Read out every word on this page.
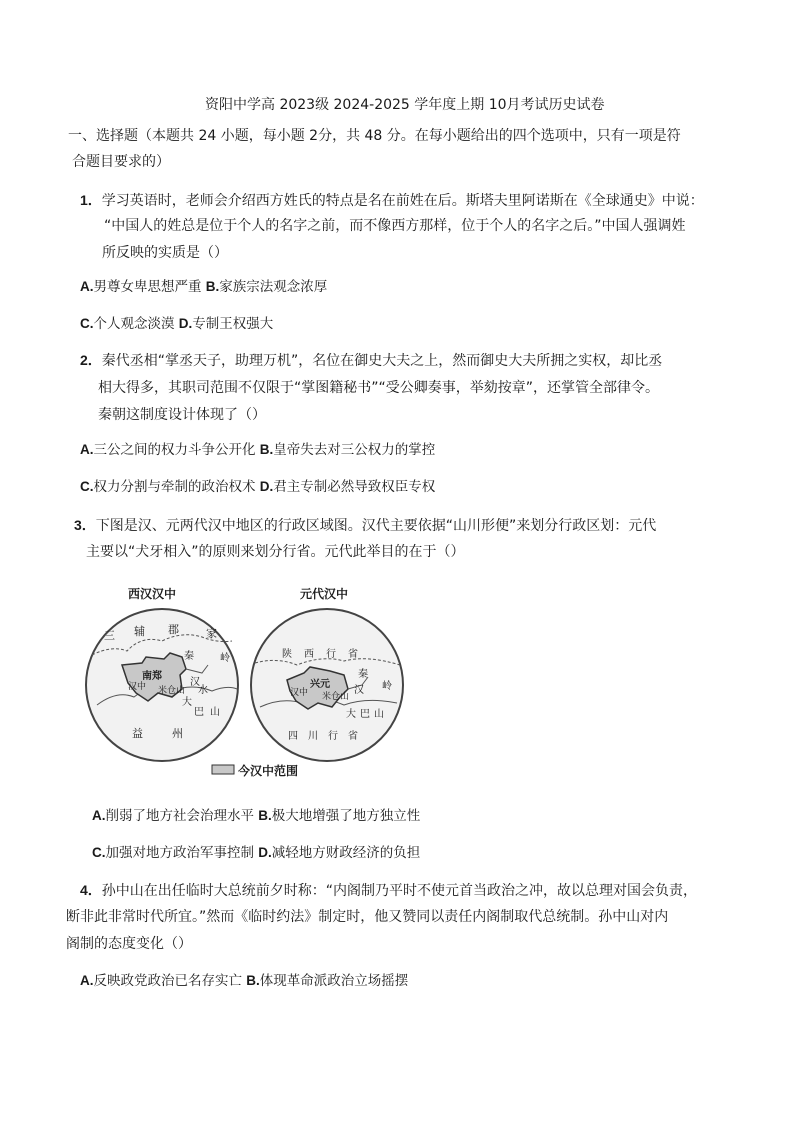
资阳中学高 2023级 2024-2025 学年度上期 10月考试历史试卷
一、选择题（本题共 24 小题，每小题 2分，共 48 分。在每小题给出的四个选项中，只有一项是符
合题目要求的）
1．学习英语时，老师会介绍西方姓氏的特点是名在前姓在后。斯塔夫里阿诺斯在《全球通史》中说：
“中国人的姓总是位于个人的名字之前，而不像西方那样，位于个人的名字之后。”中国人强调姓
所反映的实质是（）
A.男尊女卑思想严重 B.家族宗法观念浓厚
C.个人观念淡漠 D.专制王权强大
2．秦代丞相“掌丞天子，助理万机”，名位在御史大夫之上，然而御史大夫所拥之实权，却比丞
相大得多，其职司范围不仅限于“掌图籍秘书”“受公卿奏事，举劾按章”，还掌管全部律令。
秦朝这制度设计体现了（）
A.三公之间的权力斗争公开化 B.皇帝失去对三公权力的掌控
C.权力分割与牵制的政治权术 D.君主专制必然导致权臣专权
3．下图是汉、元两代汉中地区的行政区域图。汉代主要依据“山川形便”来划分行政区划：元代
主要以“犬牙相入”的原则来划分行省。元代此举目的在于（）
西汉汉中	元代汉中
三 辅 郡 家
南郑
汉中 米仓山
大
巴 山
益	州
汉
水
秦	岭	陕 西 行 省
秦
岭
兴元
汉中 米仓山
大 巴 山
四 川 行 省
汉
今汉中范围
A.削弱了地方社会治理水平 B.极大地增强了地方独立性
C.加强对地方政治军事控制 D.减轻地方财政经济的负担
4．孙中山在出任临时大总统前夕时称：“内阁制乃平时不使元首当政治之冲，故以总理对国会负责，
断非此非常时代所宜。”然而《临时约法》制定时，他又赞同以责任内阁制取代总统制。孙中山对内
阁制的态度变化（）
A.反映政党政治已名存实亡 B.体现革命派政治立场摇摆
